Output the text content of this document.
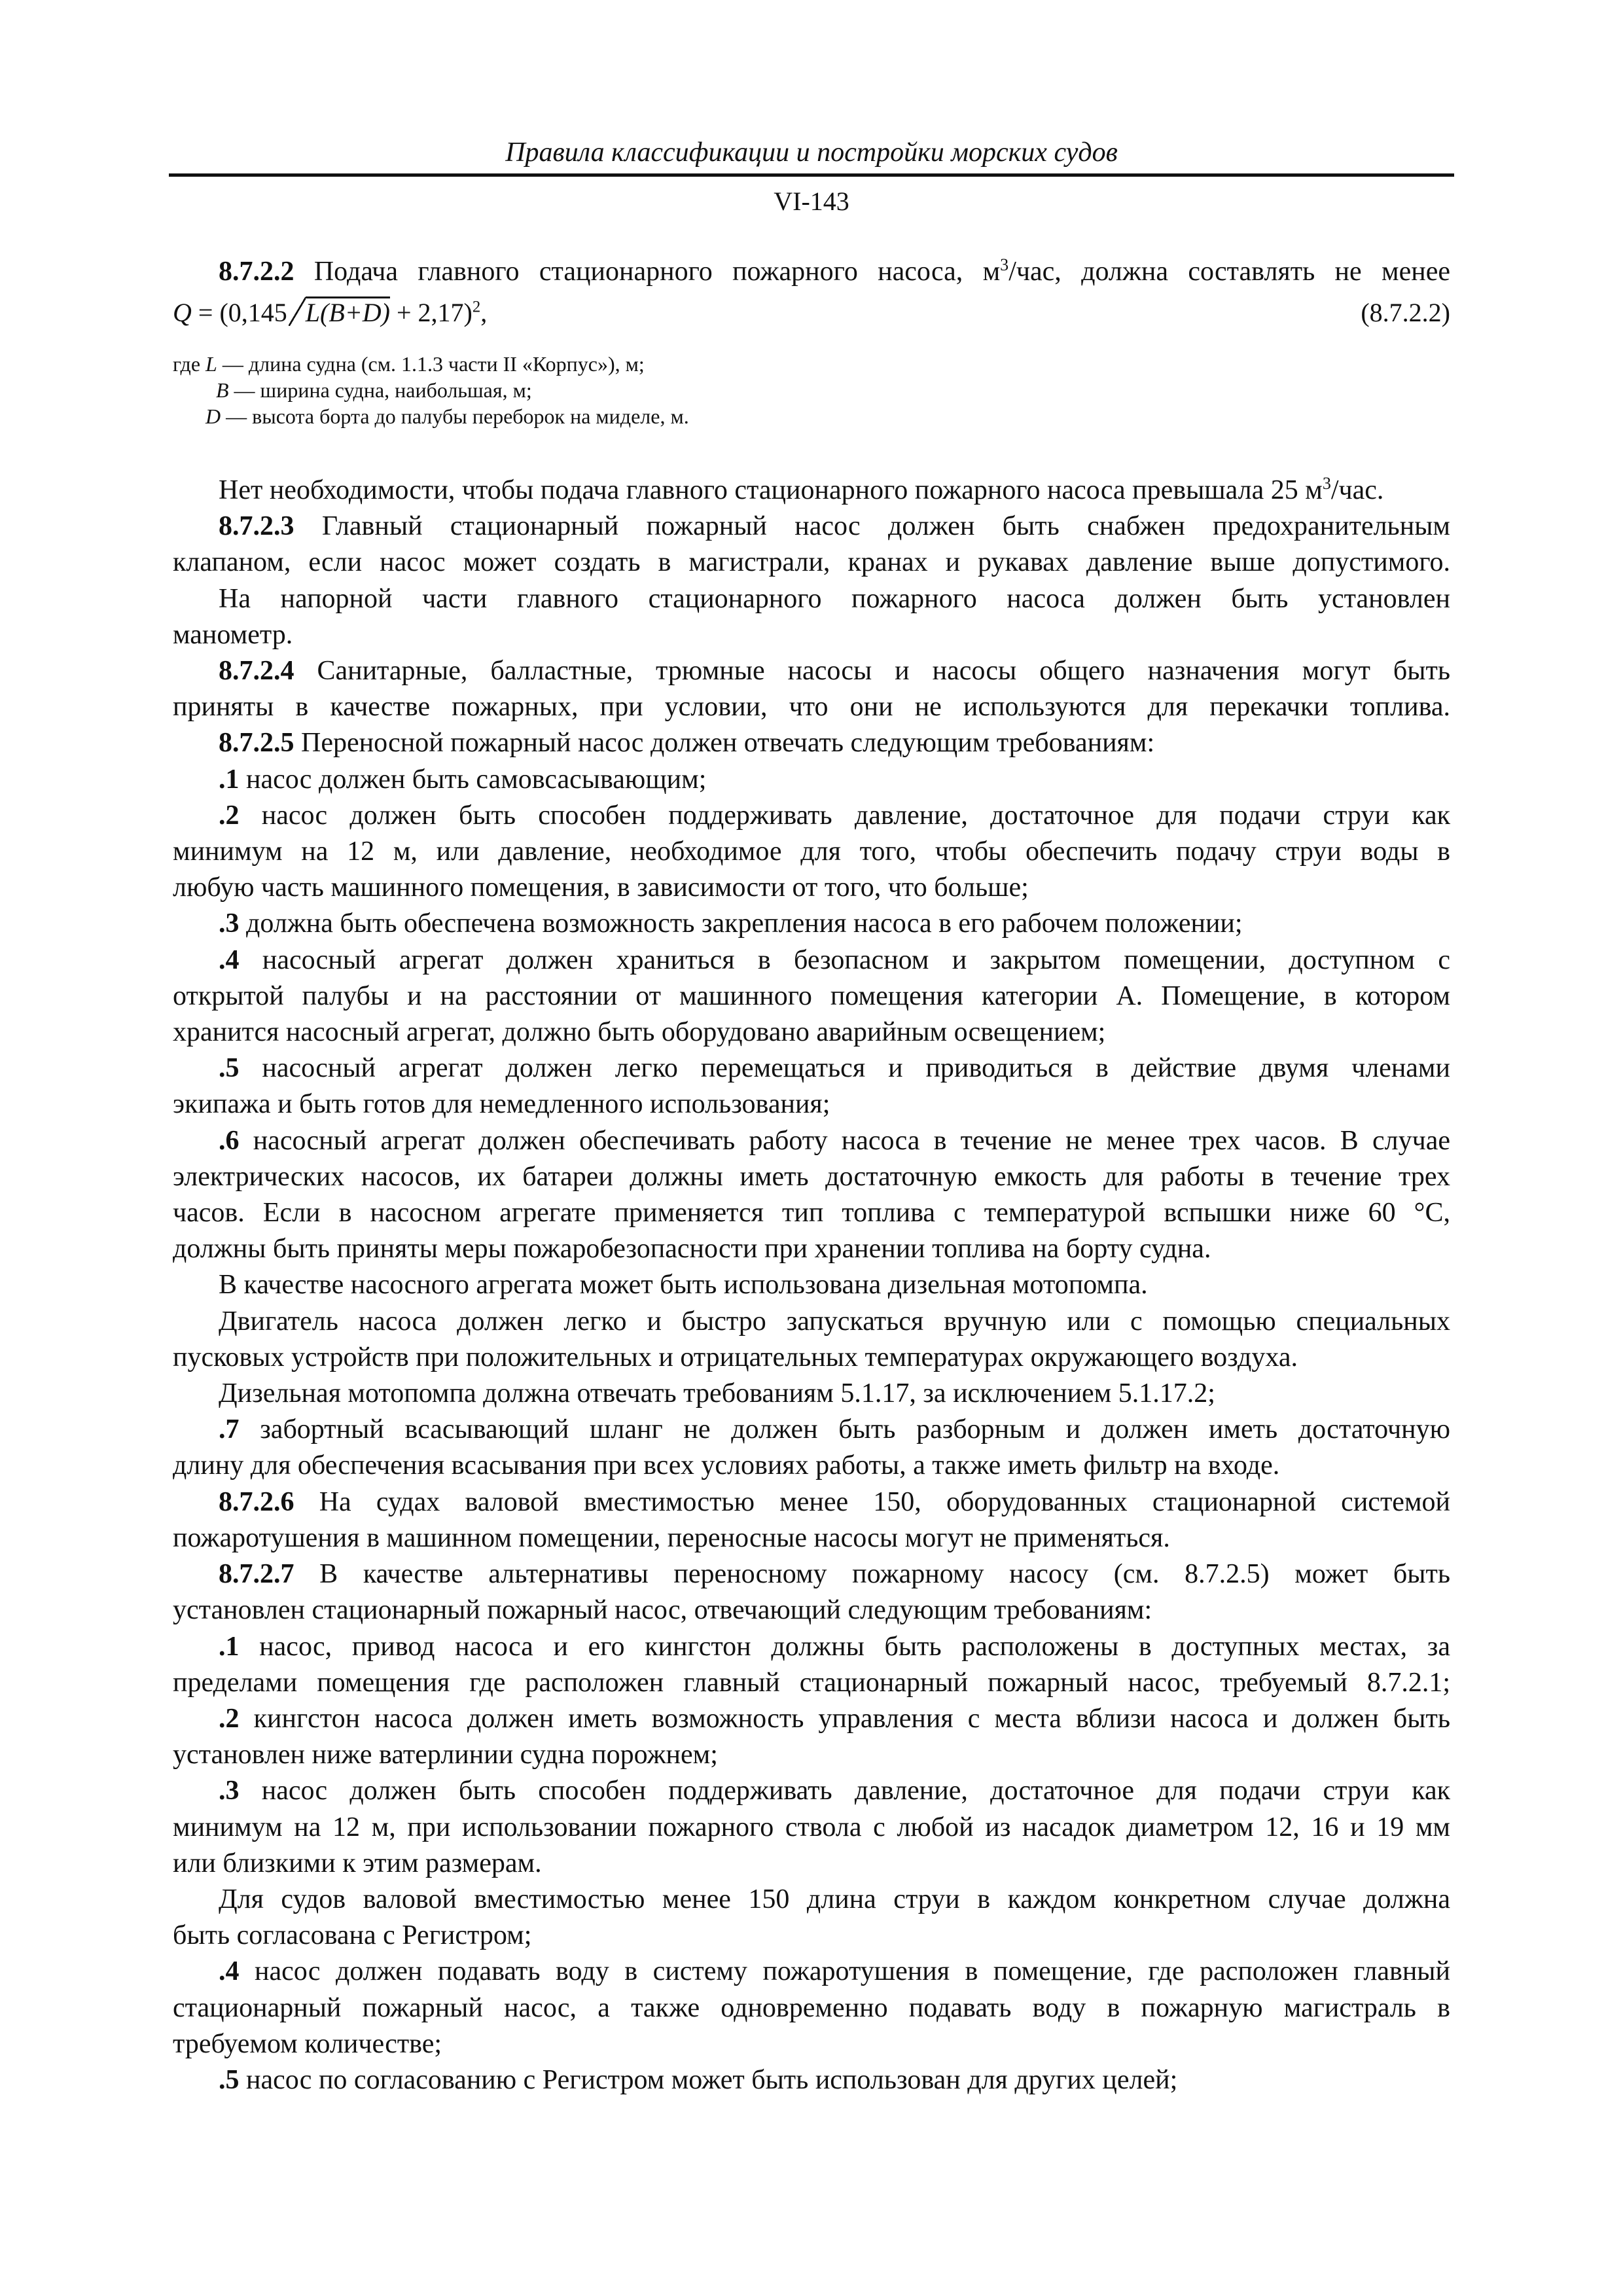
Правила классификации и постройки морских судов
VI-143
8.7.2.2 Подача главного стационарного пожарного насоса, $м^3$/час, должна составлять не менее
Q = (0,145 L(B+D) + 2,17)$^2$,	(8.7.2.2)
где L — длина судна (см. 1.1.3 части II «Корпус»), м;
B — ширина судна, наибольшая, м;
D — высота борта до палубы переборок на миделе, м.
Нет необходимости, чтобы подача главного стационарного пожарного насоса превышала 25 $м^3$/час.
8.7.2.3 Главный стационарный пожарный насос должен быть снабжен предохранительным
клапаном, если насос может создать в магистрали, кранах и рукавах давление выше допустимого.
На напорной части главного стационарного пожарного насоса должен быть установлен
манометр.
8.7.2.4 Санитарные, балластные, трюмные насосы и насосы общего назначения могут быть
приняты в качестве пожарных, при условии, что они не используются для перекачки топлива.
8.7.2.5 Переносной пожарный насос должен отвечать следующим требованиям:
.1 насос должен быть самовсасывающим;
.2 насос должен быть способен поддерживать давление, достаточное для подачи струи как
минимум на 12 м, или давление, необходимое для того, чтобы обеспечить подачу струи воды в
любую часть машинного помещения, в зависимости от того, что больше;
.3 должна быть обеспечена возможность закрепления насоса в его рабочем положении;
.4 насосный агрегат должен храниться в безопасном и закрытом помещении, доступном с
открытой палубы и на расстоянии от машинного помещения категории А. Помещение, в котором
хранится насосный агрегат, должно быть оборудовано аварийным освещением;
.5 насосный агрегат должен легко перемещаться и приводиться в действие двумя членами
экипажа и быть готов для немедленного использования;
.6 насосный агрегат должен обеспечивать работу насоса в течение не менее трех часов. В случае
электрических насосов, их батареи должны иметь достаточную емкость для работы в течение трех
часов. Если в насосном агрегате применяется тип топлива с температурой вспышки ниже 60 °С,
должны быть приняты меры пожаробезопасности при хранении топлива на борту судна.
В качестве насосного агрегата может быть использована дизельная мотопомпа.
Двигатель насоса должен легко и быстро запускаться вручную или с помощью специальных
пусковых устройств при положительных и отрицательных температурах окружающего воздуха.
Дизельная мотопомпа должна отвечать требованиям 5.1.17, за исключением 5.1.17.2;
.7 забортный всасывающий шланг не должен быть разборным и должен иметь достаточную
длину для обеспечения всасывания при всех условиях работы, а также иметь фильтр на входе.
8.7.2.6 На судах валовой вместимостью менее 150, оборудованных стационарной системой
пожаротушения в машинном помещении, переносные насосы могут не применяться.
8.7.2.7 В качестве альтернативы переносному пожарному насосу (см. 8.7.2.5) может быть
установлен стационарный пожарный насос, отвечающий следующим требованиям:
.1 насос, привод насоса и его кингстон должны быть расположены в доступных местах, за
пределами помещения где расположен главный стационарный пожарный насос, требуемый 8.7.2.1;
.2 кингстон насоса должен иметь возможность управления с места вблизи насоса и должен быть
установлен ниже ватерлинии судна порожнем;
.3 насос должен быть способен поддерживать давление, достаточное для подачи струи как
минимум на 12 м, при использовании пожарного ствола с любой из насадок диаметром 12, 16 и 19 мм
или близкими к этим размерам.
Для судов валовой вместимостью менее 150 длина струи в каждом конкретном случае должна
быть согласована с Регистром;
.4 насос должен подавать воду в систему пожаротушения в помещение, где расположен главный
стационарный пожарный насос, а также одновременно подавать воду в пожарную магистраль в
требуемом количестве;
.5 насос по согласованию с Регистром может быть использован для других целей;
